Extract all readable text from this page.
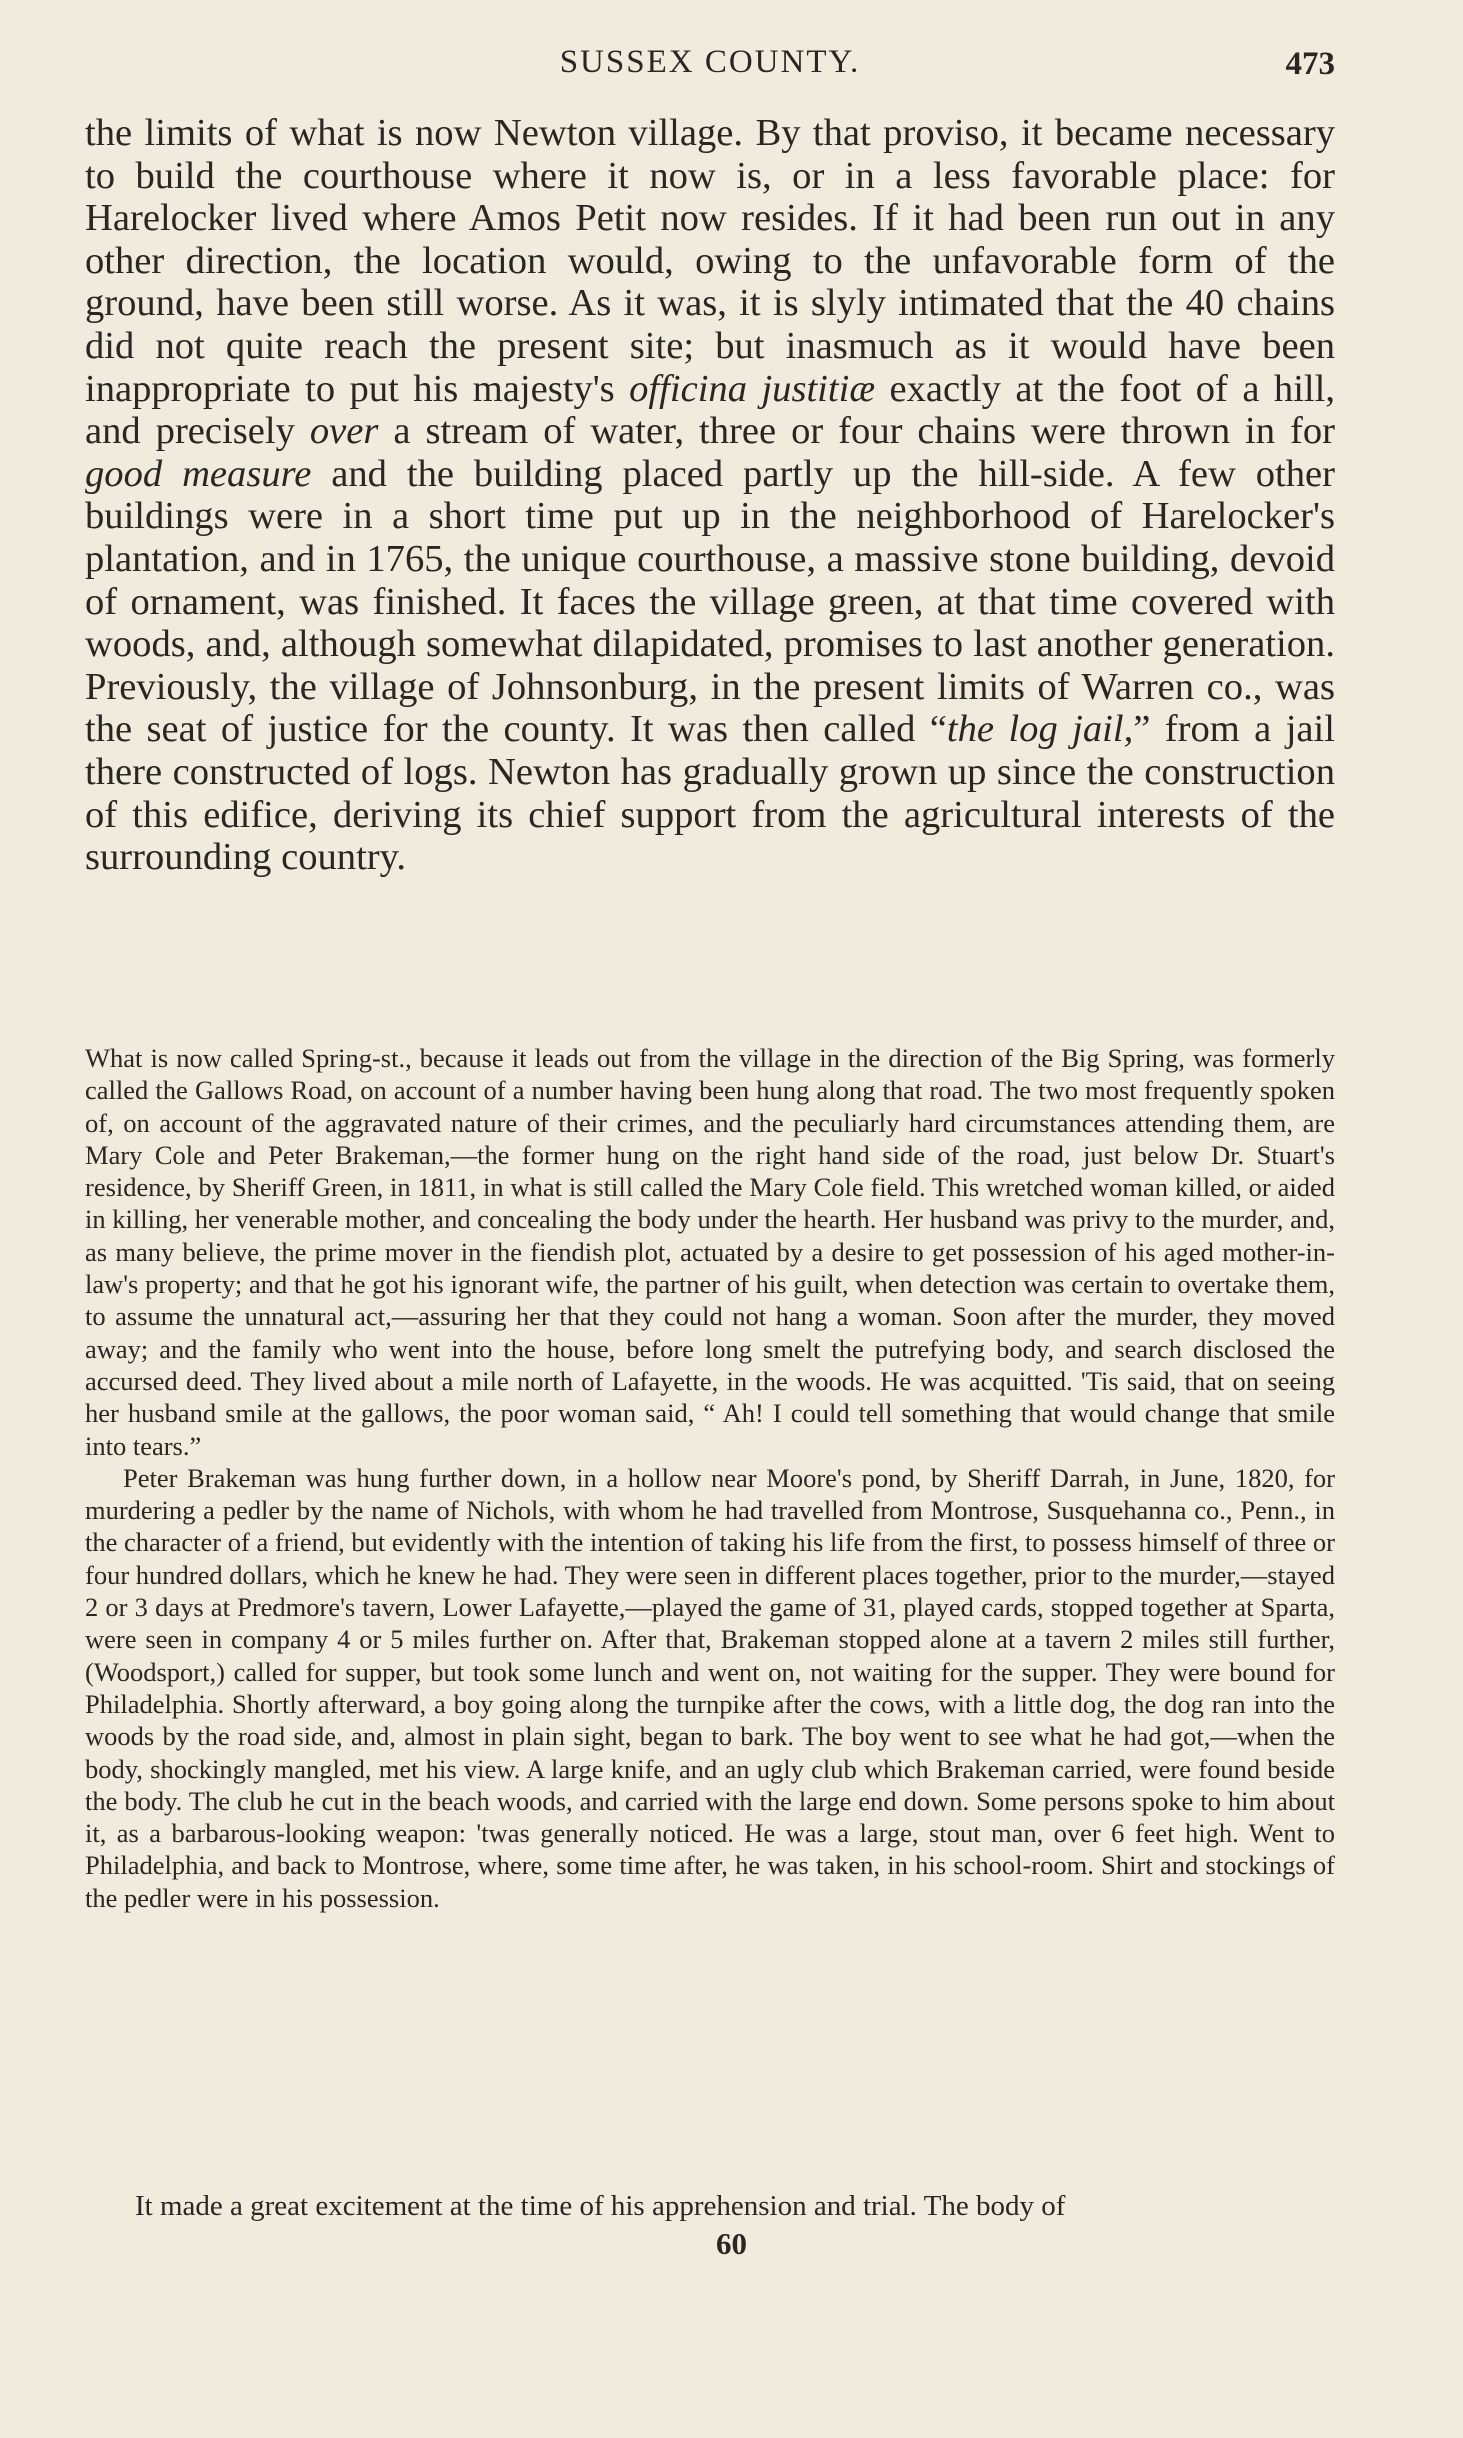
SUSSEX COUNTY.	473

the limits of what is now Newton village. By that proviso, it became necessary to build the courthouse where it now is, or in a less favorable place: for Harelocker lived where Amos Petit now resides. If it had been run out in any other direction, the location would, owing to the unfavorable form of the ground, have been still worse. As it was, it is slyly intimated that the 40 chains did not quite reach the present site; but inasmuch as it would have been inappropriate to put his majesty's officina justitiæ exactly at the foot of a hill, and precisely over a stream of water, three or four chains were thrown in for good measure and the building placed partly up the hill-side. A few other buildings were in a short time put up in the neighborhood of Harelocker's plantation, and in 1765, the unique courthouse, a massive stone building, devoid of ornament, was finished. It faces the village green, at that time covered with woods, and, although somewhat dilapidated, promises to last another generation. Previously, the village of Johnsonburg, in the present limits of Warren co., was the seat of justice for the county. It was then called “the log jail,” from a jail there constructed of logs. Newton has gradually grown up since the construction of this edifice, deriving its chief support from the agricultural interests of the surrounding country.

What is now called Spring-st., because it leads out from the village in the direction of the Big Spring, was formerly called the Gallows Road, on account of a number having been hung along that road. The two most frequently spoken of, on account of the aggravated nature of their crimes, and the peculiarly hard circumstances attending them, are Mary Cole and Peter Brakeman,—the former hung on the right hand side of the road, just below Dr. Stuart's residence, by Sheriff Green, in 1811, in what is still called the Mary Cole field. This wretched woman killed, or aided in killing, her venerable mother, and concealing the body under the hearth. Her husband was privy to the murder, and, as many believe, the prime mover in the fiendish plot, actuated by a desire to get possession of his aged mother-in-law's property; and that he got his ignorant wife, the partner of his guilt, when detection was certain to overtake them, to assume the unnatural act,—assuring her that they could not hang a woman. Soon after the murder, they moved away; and the family who went into the house, before long smelt the putrefying body, and search disclosed the accursed deed. They lived about a mile north of Lafayette, in the woods. He was acquitted. 'Tis said, that on seeing her husband smile at the gallows, the poor woman said, “ Ah! I could tell something that would change that smile into tears.”

Peter Brakeman was hung further down, in a hollow near Moore's pond, by Sheriff Darrah, in June, 1820, for murdering a pedler by the name of Nichols, with whom he had travelled from Montrose, Susquehanna co., Penn., in the character of a friend, but evidently with the intention of taking his life from the first, to possess himself of three or four hundred dollars, which he knew he had. They were seen in different places together, prior to the murder,—stayed 2 or 3 days at Predmore's tavern, Lower Lafayette,—played the game of 31, played cards, stopped together at Sparta, were seen in company 4 or 5 miles further on. After that, Brakeman stopped alone at a tavern 2 miles still further, (Woodsport,) called for supper, but took some lunch and went on, not waiting for the supper. They were bound for Philadelphia. Shortly afterward, a boy going along the turnpike after the cows, with a little dog, the dog ran into the woods by the road side, and, almost in plain sight, began to bark. The boy went to see what he had got,—when the body, shockingly mangled, met his view. A large knife, and an ugly club which Brakeman carried, were found beside the body. The club he cut in the beach woods, and carried with the large end down. Some persons spoke to him about it, as a barbarous-looking weapon: 'twas generally noticed. He was a large, stout man, over 6 feet high. Went to Philadelphia, and back to Montrose, where, some time after, he was taken, in his school-room. Shirt and stockings of the pedler were in his possession.

It made a great excitement at the time of his apprehension and trial. The body of

60
